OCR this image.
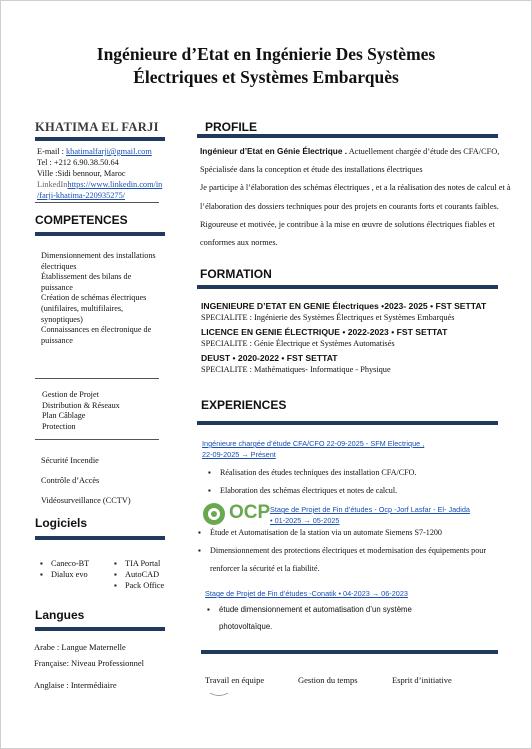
Ingénieure d’Etat en Ingénierie Des Systèmes
Électriques et Systèmes Embarquès
KHATIMA EL FARJI
E-mail : khatimalfarji@gmail.com
Tel : +212 6.90.38.50.64
Ville :Sidi bennour, Maroc
LinkedInhttps://www.linkedin.com/in
/farji-khatima-220935275/
COMPETENCES
Dimensionnement des installations électriques
Établissement des bilans de puissance
Création de schémas électriques (unifilaires, multifilaires, synoptiques)
Connaissances en électronique de puissance
Gestion de Projet
Distribution & Réseaux
Plan Câblage
Protection
Sécurité Incendie
Contrôle d’Accès
Vidéosurveillance (CCTV)
Logiciels
▪ Caneco-BT
▪ Dialux evo
▪ TIA Portal
▪ AutoCAD
▪ Pack Office
Langues
Arabe : Langue Maternelle
Française: Niveau Professionnel
Anglaise : Intermédiaire
PROFILE
Ingénieur d’Etat en Génie Électrique . Actuellement chargée d’étude des CFA/CFO, Spécialisée dans la conception et étude des installations électriques
Je participe à l’élaboration des schémas électriques , et a la réalisation des notes de calcul et à l’élaboration des dossiers techniques pour des projets en courants forts et courants faibles.
Rigoureuse et motivée, je contribue à la mise en œuvre de solutions électriques fiables et conformes aux normes.
FORMATION
INGENIEURE D’ETAT EN GENIE Électriques •2023- 2025 • FST SETTAT
SPECIALITE : Ingénierie des Systèmes Électriques et Systèmes Embarqués
LICENCE EN GENIE ÉLECTRIQUE • 2022-2023 • FST SETTAT
SPECIALITE : Génie Électrique et Systèmes Automatisés
DEUST • 2020-2022 • FST SETTAT
SPECIALITE : Mathématiques- Informatique - Physique
EXPERIENCES
Ingénieure chargée d’étude CFA/CFO 22-09-2025 - SFM Electrique ,
22-09-2025 → Présent
▪ Réalisation des études techniques des installation CFA/CFO.
▪ Elaboration des schémas électriques et notes de calcul.
OCP Stage de Projet de Fin d’études - Ocp -Jorf Lasfar - El- Jadida
• 01-2025 → 05-2025
▪ Étude et Automatisation de la station via un automate Siemens S7-1200
▪ Dimensionnement des protections électriques et modernisation des équipements pour renforcer la sécurité et la fiabilité.
Stage de Projet de Fin d’études -Conatik • 04-2023 → 06-2023
▪ étude dimensionnement et automatisation d’un système photovoltaïque.
Travail en équipe	Gestion du temps	Esprit d’initiative
